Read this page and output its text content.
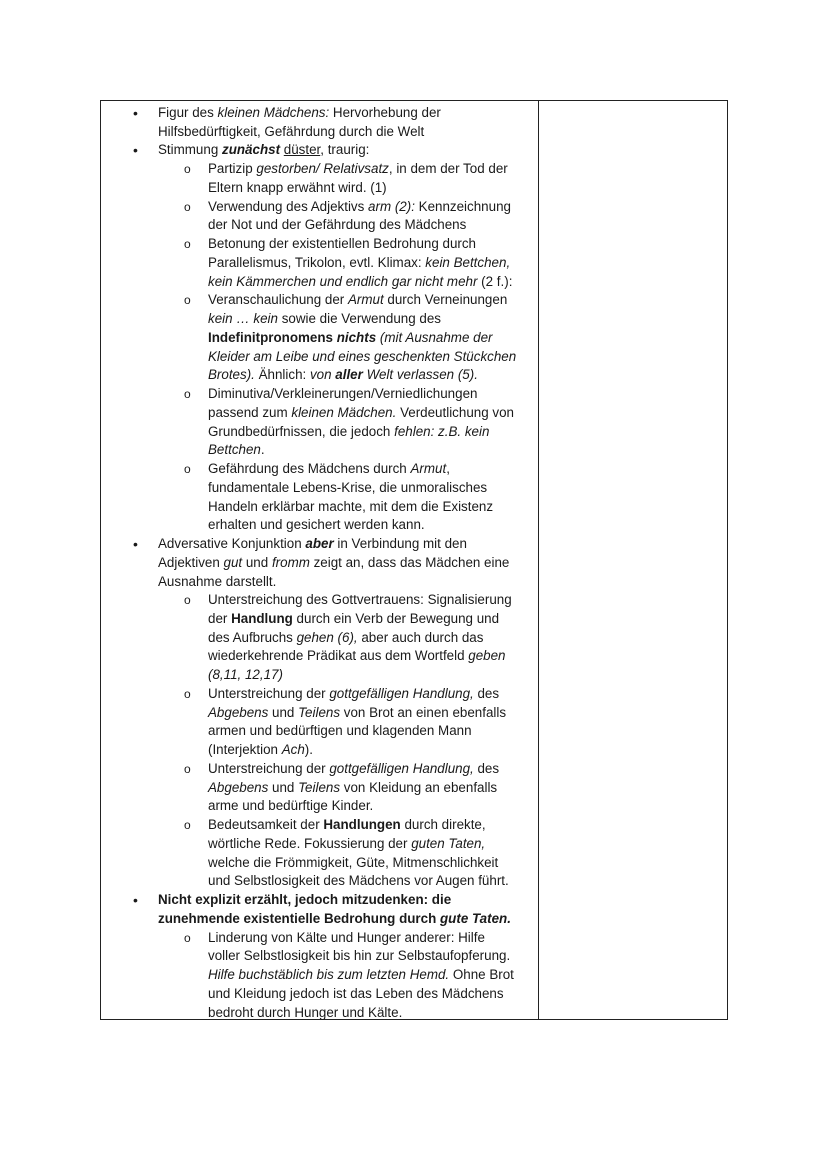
• Figur des kleinen Mädchens: Hervorhebung der
Hilfsbedürftigkeit, Gefährdung durch die Welt
• Stimmung zunächst düster, traurig:
o Partizip gestorben/ Relativsatz, in dem der Tod der
Eltern knapp erwähnt wird. (1)
o Verwendung des Adjektivs arm (2): Kennzeichnung
der Not und der Gefährdung des Mädchens
o Betonung der existentiellen Bedrohung durch
Parallelismus, Trikolon, evtl. Klimax: kein Bettchen,
kein Kämmerchen und endlich gar nicht mehr (2 f.):
o Veranschaulichung der Armut durch Verneinungen
kein … kein sowie die Verwendung des
Indefinitpronomens nichts (mit Ausnahme der
Kleider am Leibe und eines geschenkten Stückchen
Brotes). Ähnlich: von aller Welt verlassen (5).
o Diminutiva/Verkleinerungen/Verniedlichungen
passend zum kleinen Mädchen. Verdeutlichung von
Grundbedürfnissen, die jedoch fehlen: z.B. kein
Bettchen.
o Gefährdung des Mädchens durch Armut,
fundamentale Lebens-Krise, die unmoralisches
Handeln erklärbar machte, mit dem die Existenz
erhalten und gesichert werden kann.
• Adversative Konjunktion aber in Verbindung mit den
Adjektiven gut und fromm zeigt an, dass das Mädchen eine
Ausnahme darstellt.
o Unterstreichung des Gottvertrauens: Signalisierung
der Handlung durch ein Verb der Bewegung und
des Aufbruchs gehen (6), aber auch durch das
wiederkehrende Prädikat aus dem Wortfeld geben
(8,11, 12,17)
o Unterstreichung der gottgefälligen Handlung, des
Abgebens und Teilens von Brot an einen ebenfalls
armen und bedürftigen und klagenden Mann
(Interjektion Ach).
o Unterstreichung der gottgefälligen Handlung, des
Abgebens und Teilens von Kleidung an ebenfalls
arme und bedürftige Kinder.
o Bedeutsamkeit der Handlungen durch direkte,
wörtliche Rede. Fokussierung der guten Taten,
welche die Frömmigkeit, Güte, Mitmenschlichkeit
und Selbstlosigkeit des Mädchens vor Augen führt.
• Nicht explizit erzählt, jedoch mitzudenken: die
zunehmende existentielle Bedrohung durch gute Taten.
o Linderung von Kälte und Hunger anderer: Hilfe
voller Selbstlosigkeit bis hin zur Selbstaufopferung.
Hilfe buchstäblich bis zum letzten Hemd. Ohne Brot
und Kleidung jedoch ist das Leben des Mädchens
bedroht durch Hunger und Kälte.
